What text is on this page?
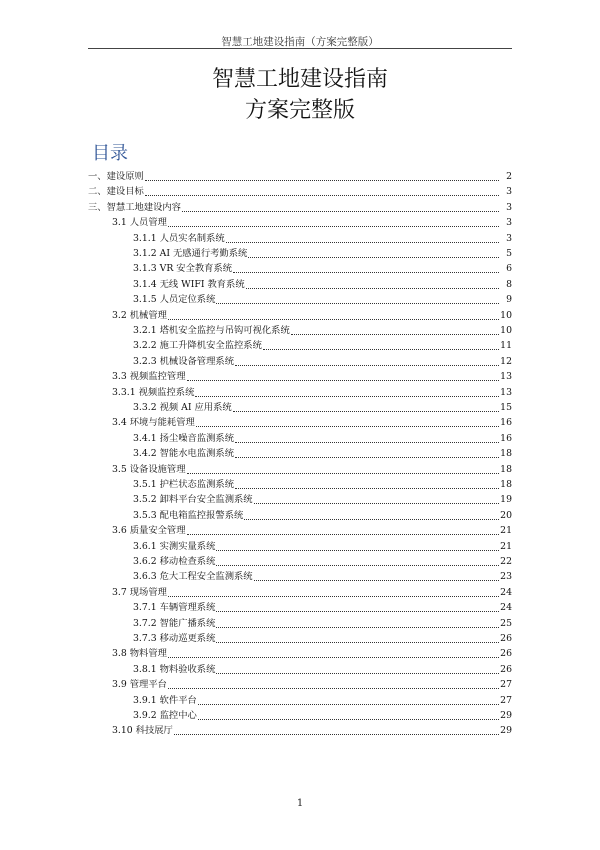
智慧工地建设指南（方案完整版）
智慧工地建设指南
方案完整版
目录
一、建设原则	2
二、建设目标	3
三、智慧工地建设内容	3
3.1 人员管理	3
3.1.1 人员实名制系统	3
3.1.2 AI 无感通行考勤系统	5
3.1.3 VR 安全教育系统	6
3.1.4 无线 WIFI 教育系统	8
3.1.5 人员定位系统	9
3.2 机械管理	10
3.2.1 塔机安全监控与吊钩可视化系统	10
3.2.2 施工升降机安全监控系统	11
3.2.3 机械设备管理系统	12
3.3 视频监控管理	13
3.3.1 视频监控系统	13
3.3.2 视频 AI 应用系统	15
3.4 环境与能耗管理	16
3.4.1 扬尘噪音监测系统	16
3.4.2 智能水电监测系统	18
3.5 设备设施管理	18
3.5.1 护栏状态监测系统	18
3.5.2 卸料平台安全监测系统	19
3.5.3 配电箱监控报警系统	20
3.6 质量安全管理	21
3.6.1 实测实量系统	21
3.6.2 移动检查系统	22
3.6.3 危大工程安全监测系统	23
3.7 现场管理	24
3.7.1 车辆管理系统	24
3.7.2 智能广播系统	25
3.7.3 移动巡更系统	26
3.8 物料管理	26
3.8.1 物料验收系统	26
3.9 管理平台	27
3.9.1 软件平台	27
3.9.2 监控中心	29
3.10 科技展厅	29
1
